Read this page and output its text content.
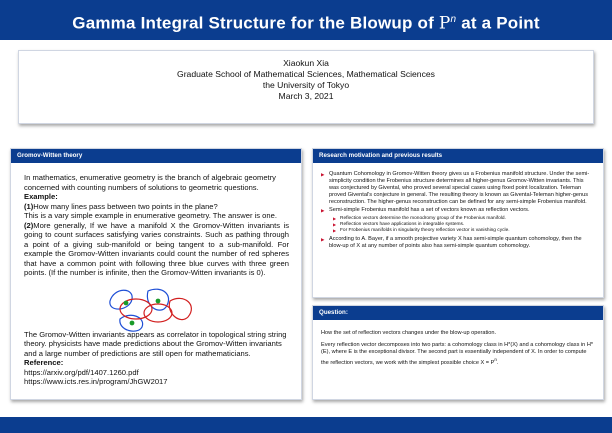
Gamma Integral Structure for the Blowup of $P^n$ at a Point
Xiaokun Xia
Graduate School of Mathematical Sciences, Mathematical Sciences
the University of Tokyo
March 3, 2021
Gromov-Witten theory

In mathematics, enumerative geometry is the branch of algebraic geometry concerned with counting numbers of solutions to geometric questions.

Example:

(1)How many lines pass between two points in the plane?

This is a vary simple example in enumerative geometry. The answer is one.

(2)More generally, If we have a manifold X the Gromov-Witten invariants is going to count surfaces satisfying varies constraints. Such as pathing through a point of a giving sub-manifold or being tangent to a sub-manifold. For example the Gromov-Witten invariants could count the number of red spheres that have a common point with following three blue curves with three green points. (If the number is infinite, then the Gromov-Witten invariants is 0).

The Gromov-Witten invariants appears as correlator in topological string string theory. physicists have made predictions about the Gromov-Witten invariants and a large number of predictions are still open for mathematicians.

Reference:

https://arxiv.org/pdf/1407.1260.pdf
https://www.icts.res.in/program/JhGW2017
Research motivation and previous results
▶ Quantum Cohomology in Gromov-Witten theory gives us a Frobenius manifold structure. Under the semi-simplicity condition the Frobenius structure determines all higher-genus Gromov-Witten invariants. This was conjectured by Givental, who proved several special cases using fixed point localization. Teleman proved Givental's conjecture in general. The resulting theory is known as Givental-Teleman higher-genus reconstruction. The higher-genus reconstruction can be defined for any semi-simple Frobenius manifold.
▶ Semi-simple Frobenius manifold has a set of vectors known as reflection vectors.
▶ Reflection vectors determine the monodromy group of the Frobenius manifold.
▶ Reflection vectors have applications in integrable systems.
▶ For Frobenius manifolds in singularity theory reflection vector is vanishing cycle.
▶ According to A. Bayer, if a smooth projective variety X has semi-simple quantum cohomology, then the blow-up of X at any number of points also has semi-simple quantum cohomology.
Question:

How the set of reflection vectors changes under the blow-up operation.

Every reflection vector decomposes into two parts: a cohomology class in H*(X) and a cohomology class in H*(E), where E is the exceptional divisor. The second part is essentially independent of X. In order to compute the reflection vectors, we work with the simplest possible choice $X = P^n$.
